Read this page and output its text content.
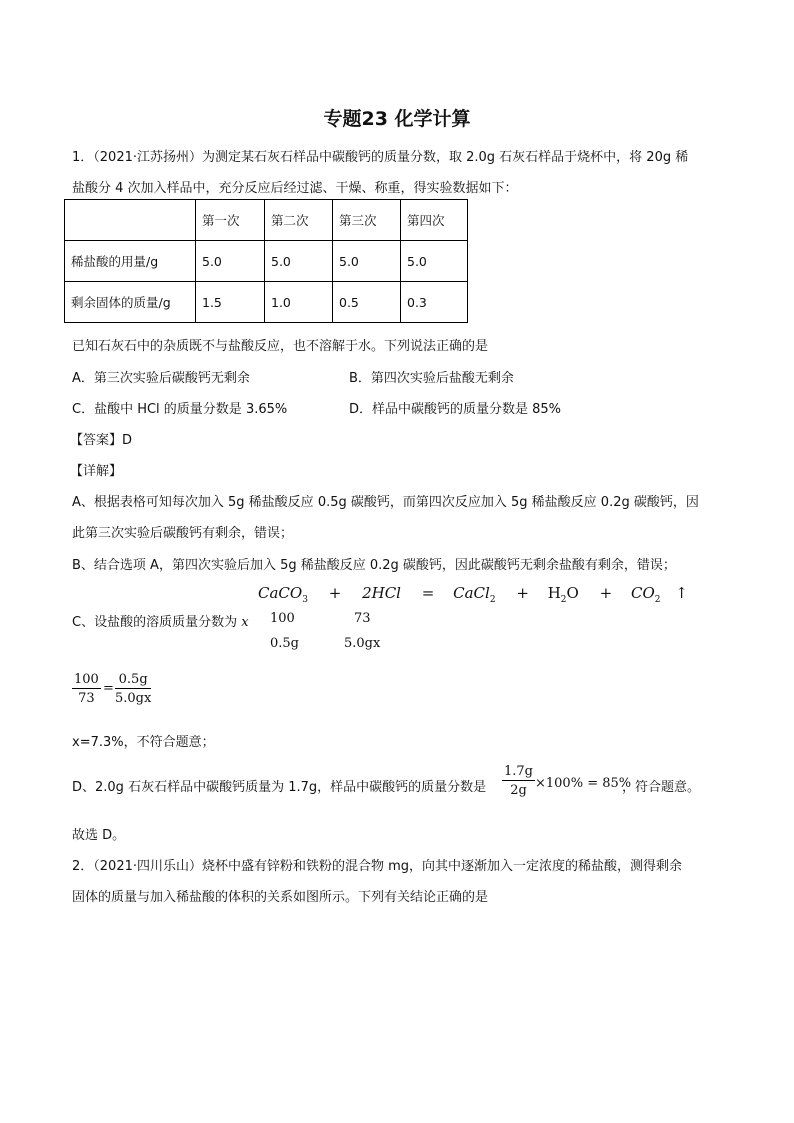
专题23 化学计算
1．（2021·江苏扬州）为测定某石灰石样品中碳酸钙的质量分数，取 2.0g 石灰石样品于烧杯中，将 20g 稀
盐酸分 4 次加入样品中，充分反应后经过滤、干燥、称重，得实验数据如下：
	第一次	第二次	第三次	第四次
稀盐酸的用量/g	5.0	5.0	5.0	5.0
剩余固体的质量/g	1.5	1.0	0.5	0.3
已知石灰石中的杂质既不与盐酸反应，也不溶解于水。下列说法正确的是
A．第三次实验后碳酸钙无剩余	B．第四次实验后盐酸无剩余
C．盐酸中 HCl 的质量分数是 3.65%	D．样品中碳酸钙的质量分数是 85%
【答案】D
【详解】
A、根据表格可知每次加入 5g 稀盐酸反应 0.5g 碳酸钙，而第四次反应加入 5g 稀盐酸反应 0.2g 碳酸钙，因
此第三次实验后碳酸钙有剩余，错误；
B、结合选项 A，第四次实验后加入 5g 稀盐酸反应 0.2g 碳酸钙，因此碳酸钙无剩余盐酸有剩余，错误；
CaCO$_3$ + 2HCl = CaCl$_2$ + $H_2O + CO_2$ ↑
C、设盐酸的溶质质量分数为 x 100	73
0.5g	5.0gx
$\frac{100}{73} = \frac{0.5g}{5.0gx}$
x=7.3%，不符合题意；
D、2.0g 石灰石样品中碳酸钙质量为 1.7g，样品中碳酸钙的质量分数是 $\frac{1.7g}{2g} \times 100\% = 85\%$
，符合题意。
故选 D。
2．（2021·四川乐山）烧杯中盛有锌粉和铁粉的混合物 mg，向其中逐渐加入一定浓度的稀盐酸，测得剩余
固体的质量与加入稀盐酸的体积的关系如图所示。下列有关结论正确的是
